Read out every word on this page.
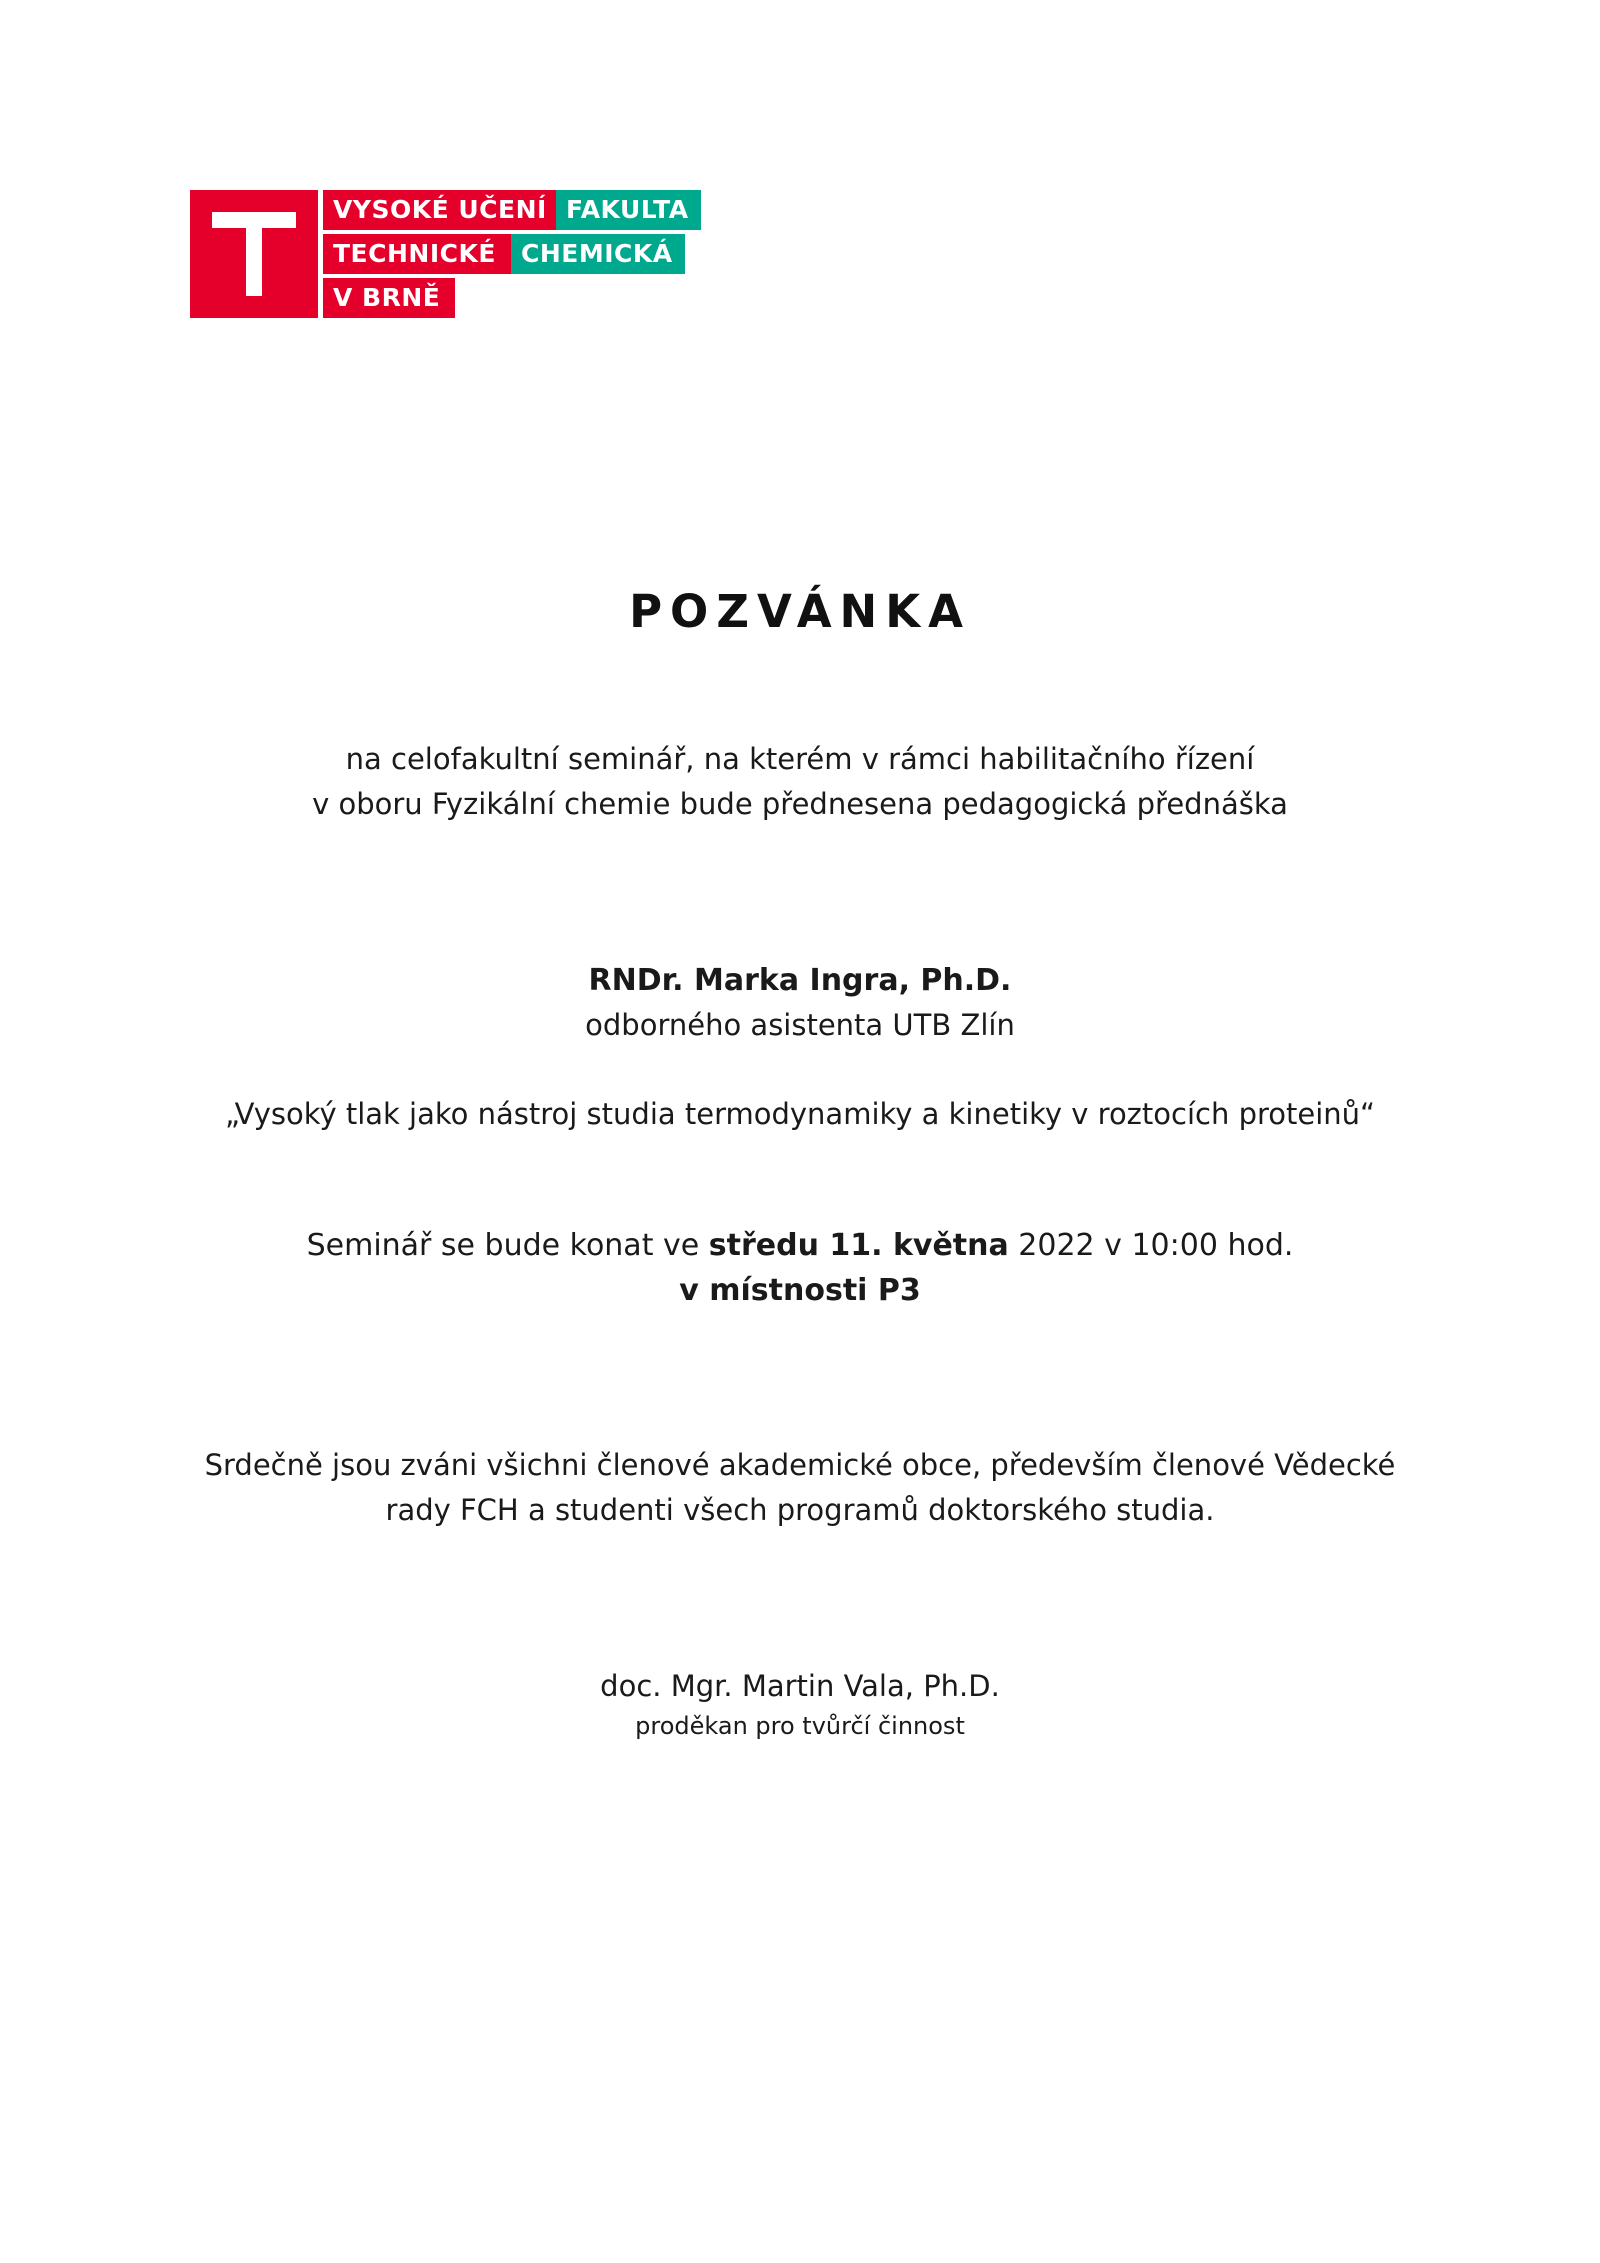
VYSOKÉ UČENÍ FAKULTA
TECHNICKÉ	CHEMICKÁ
V BRNĚ
POZVÁNKA
na celofakultní seminář, na kterém v rámci habilitačního řízení
v oboru Fyzikální chemie bude přednesena pedagogická přednáška
RNDr. Marka Ingra, Ph.D.
odborného asistenta UTB Zlín
„Vysoký tlak jako nástroj studia termodynamiky a kinetiky v roztocích proteinů“
Seminář se bude konat ve středu 11. května 2022 v 10:00 hod.
v místnosti P3
Srdečně jsou zváni všichni členové akademické obce, především členové Vědecké
rady FCH a studenti všech programů doktorského studia.
doc. Mgr. Martin Vala, Ph.D.
proděkan pro tvůrčí činnost
